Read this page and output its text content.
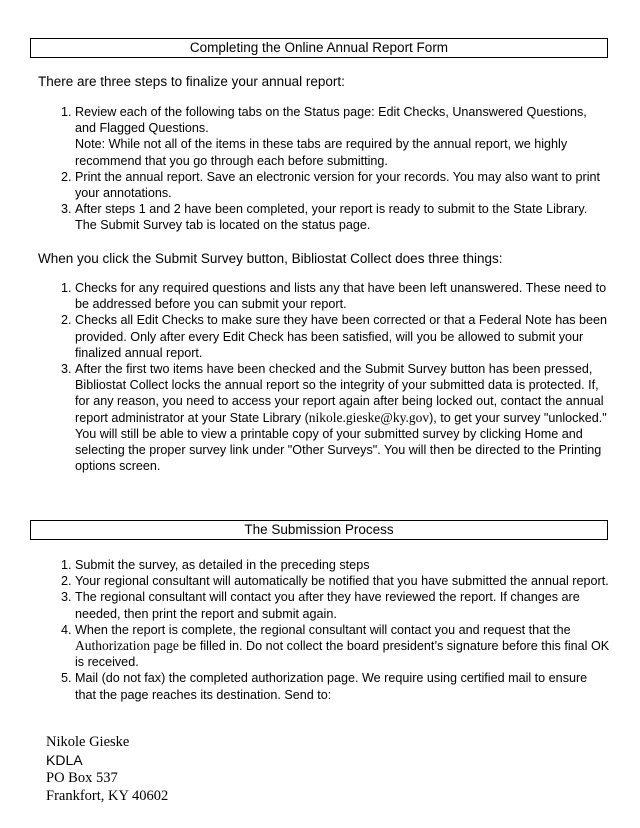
Completing the Online Annual Report Form

There are three steps to finalize your annual report:

1. Review each of the following tabs on the Status page: Edit Checks, Unanswered Questions, and Flagged Questions.
Note: While not all of the items in these tabs are required by the annual report, we highly recommend that you go through each before submitting.
2. Print the annual report. Save an electronic version for your records. You may also want to print your annotations.
3. After steps 1 and 2 have been completed, your report is ready to submit to the State Library. The Submit Survey tab is located on the status page.

When you click the Submit Survey button, Bibliostat Collect does three things:

1. Checks for any required questions and lists any that have been left unanswered. These need to be addressed before you can submit your report.
2. Checks all Edit Checks to make sure they have been corrected or that a Federal Note has been provided. Only after every Edit Check has been satisfied, will you be allowed to submit your finalized annual report.
3. After the first two items have been checked and the Submit Survey button has been pressed, Bibliostat Collect locks the annual report so the integrity of your submitted data is protected. If, for any reason, you need to access your report again after being locked out, contact the annual report administrator at your State Library (nikole.gieske@ky.gov), to get your survey "unlocked." You will still be able to view a printable copy of your submitted survey by clicking Home and selecting the proper survey link under "Other Surveys". You will then be directed to the Printing options screen.
The Submission Process
1. Submit the survey, as detailed in the preceding steps
2. Your regional consultant will automatically be notified that you have submitted the annual report.
3. The regional consultant will contact you after they have reviewed the report. If changes are needed, then print the report and submit again.
4. When the report is complete, the regional consultant will contact you and request that the Authorization page be filled in. Do not collect the board president’s signature before this final OK is received.
5. Mail (do not fax) the completed authorization page. We require using certified mail to ensure that the page reaches its destination. Send to:
Nikole Gieske
KDLA
PO Box 537
Frankfort, KY 40602
